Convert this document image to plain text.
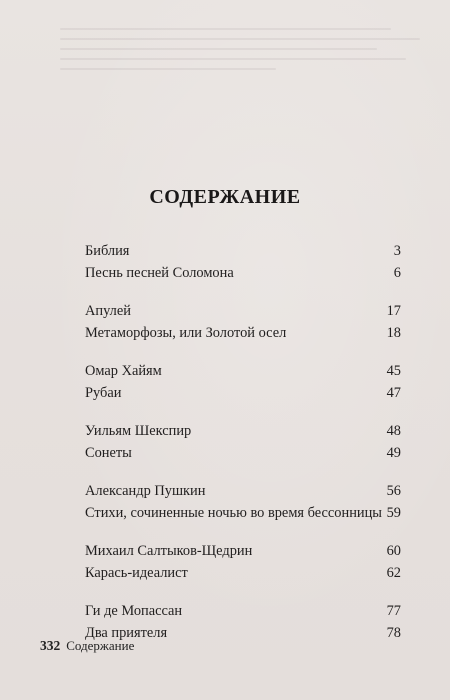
СОДЕРЖАНИЕ
Библия	3
Песнь песней Соломона	6
Апулей	17
Метаморфозы, или Золотой осел	18
Омар Хайям	45
Рубаи	47
Уильям Шекспир	48
Сонеты	49
Александр Пушкин	56
Стихи, сочиненные ночью во время бессонницы 59
Михаил Салтыков-Щедрин	60
Карась-идеалист	62
Ги де Мопассан	77
Два приятеля	78
332 Содержание
